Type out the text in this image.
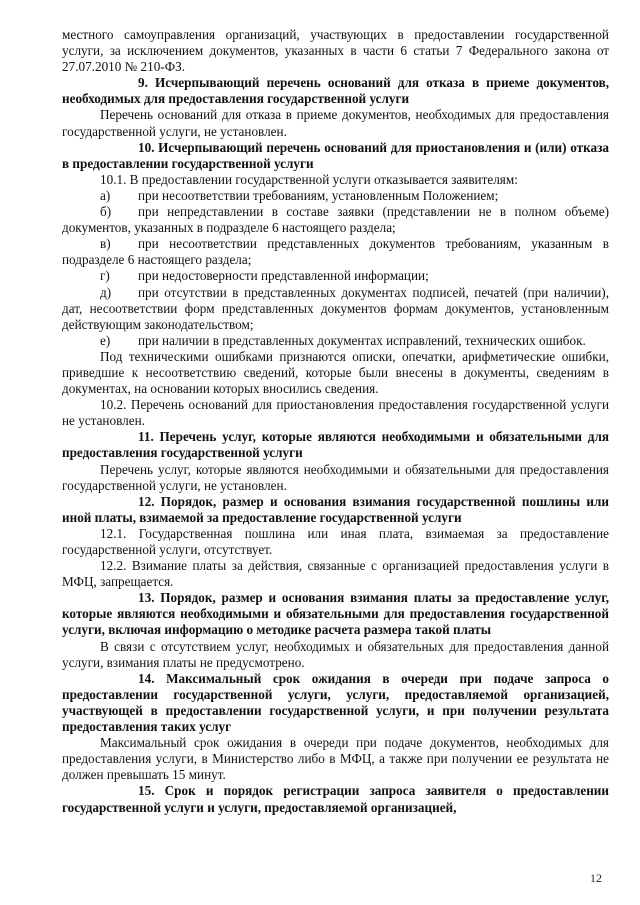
местного самоуправления организаций, участвующих в предоставлении государственной услуги, за исключением документов, указанных в части 6 статьи 7 Федерального закона от 27.07.2010 № 210-ФЗ.

9. Исчерпывающий перечень оснований для отказа в приеме документов, необходимых для предоставления государственной услуги

Перечень оснований для отказа в приеме документов, необходимых для предоставления государственной услуги, не установлен.

10. Исчерпывающий перечень оснований для приостановления и (или) отказа в предоставлении государственной услуги

10.1. В предоставлении государственной услуги отказывается заявителям:

а) при несоответствии требованиям, установленным Положением;

б) при непредставлении в составе заявки (представлении не в полном объеме) документов, указанных в подразделе 6 настоящего раздела;

в) при несоответствии представленных документов требованиям, указанным в подразделе 6 настоящего раздела;

г) при недостоверности представленной информации;

д) при отсутствии в представленных документах подписей, печатей (при наличии), дат, несоответствии форм представленных документов формам документов, установленным действующим законодательством;

е) при наличии в представленных документах исправлений, технических ошибок.

Под техническими ошибками признаются описки, опечатки, арифметические ошибки, приведшие к несоответствию сведений, которые были внесены в документы, сведениям в документах, на основании которых вносились сведения.

10.2. Перечень оснований для приостановления предоставления государственной услуги не установлен.

11. Перечень услуг, которые являются необходимыми и обязательными для предоставления государственной услуги

Перечень услуг, которые являются необходимыми и обязательными для предоставления государственной услуги, не установлен.

12. Порядок, размер и основания взимания государственной пошлины или иной платы, взимаемой за предоставление государственной услуги

12.1. Государственная пошлина или иная плата, взимаемая за предоставление государственной услуги, отсутствует.

12.2. Взимание платы за действия, связанные с организацией предоставления услуги в МФЦ, запрещается.

13. Порядок, размер и основания взимания платы за предоставление услуг, которые являются необходимыми и обязательными для предоставления государственной услуги, включая информацию о методике расчета размера такой платы

В связи с отсутствием услуг, необходимых и обязательных для предоставления данной услуги, взимания платы не предусмотрено.

14. Максимальный срок ожидания в очереди при подаче запроса о предоставлении государственной услуги, услуги, предоставляемой организацией, участвующей в предоставлении государственной услуги, и при получении результата предоставления таких услуг

Максимальный срок ожидания в очереди при подаче документов, необходимых для предоставления услуги, в Министерство либо в МФЦ, а также при получении ее результата не должен превышать 15 минут.

15. Срок и порядок регистрации запроса заявителя о предоставлении государственной услуги и услуги, предоставляемой организацией,

12
